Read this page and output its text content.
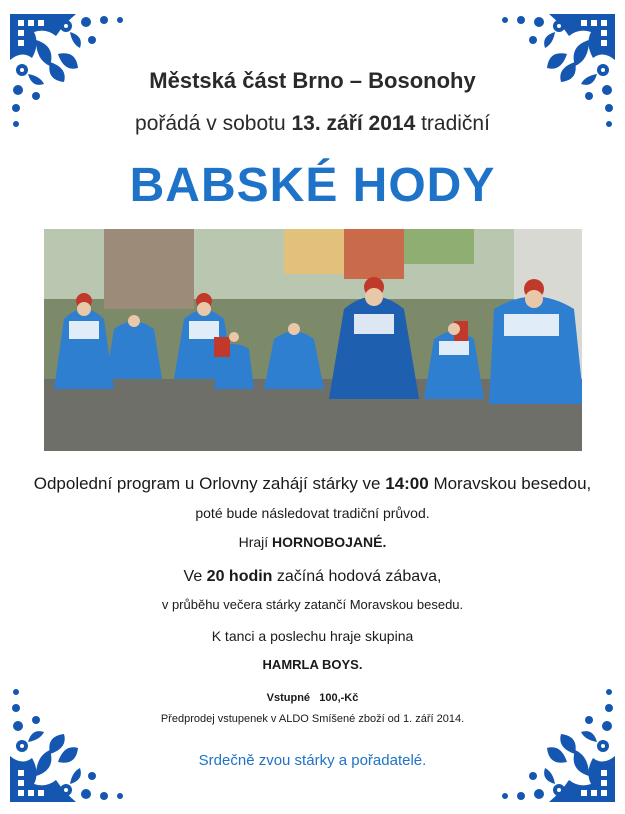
Městská část Brno – Bosonohy
pořádá v sobotu 13. září 2014 tradiční
BABSKÉ HODY
Odpolední program u Orlovny zahájí stárky ve 14:00 Moravskou besedou,
poté bude následovat tradiční průvod.
Hrají HORNOBOJANÉ.
Ve 20 hodin začíná hodová zábava,
v průběhu večera stárky zatančí Moravskou besedu.
K tanci a poslechu hraje skupina
HAMRLA BOYS.
Vstupné 100,-Kč
Předprodej vstupenek v ALDO Smíšené zboží od 1. září 2014.
Srdečně zvou stárky a pořadatelé.
